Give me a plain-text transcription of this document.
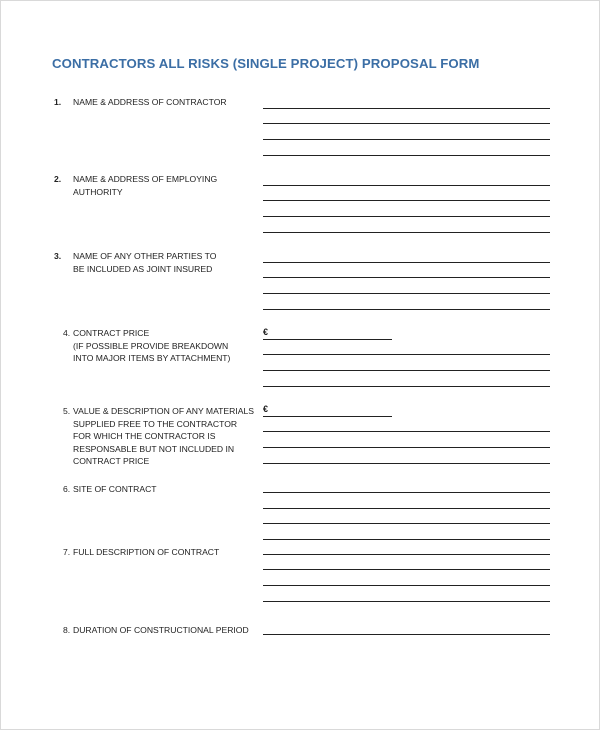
CONTRACTORS ALL RISKS (SINGLE PROJECT) PROPOSAL FORM
1. NAME & ADDRESS OF CONTRACTOR
2. NAME & ADDRESS OF EMPLOYING
AUTHORITY
3. NAME OF ANY OTHER PARTIES TO
BE INCLUDED AS JOINT INSURED
4. CONTRACT PRICE
(IF POSSIBLE PROVIDE BREAKDOWN
INTO MAJOR ITEMS BY ATTACHMENT)
€
5. VALUE & DESCRIPTION OF ANY MATERIALS
SUPPLIED FREE TO THE CONTRACTOR
FOR WHICH THE CONTRACTOR IS
RESPONSABLE BUT NOT INCLUDED IN
CONTRACT PRICE
€
6. SITE OF CONTRACT
7. FULL DESCRIPTION OF CONTRACT
8. DURATION OF CONSTRUCTIONAL PERIOD
